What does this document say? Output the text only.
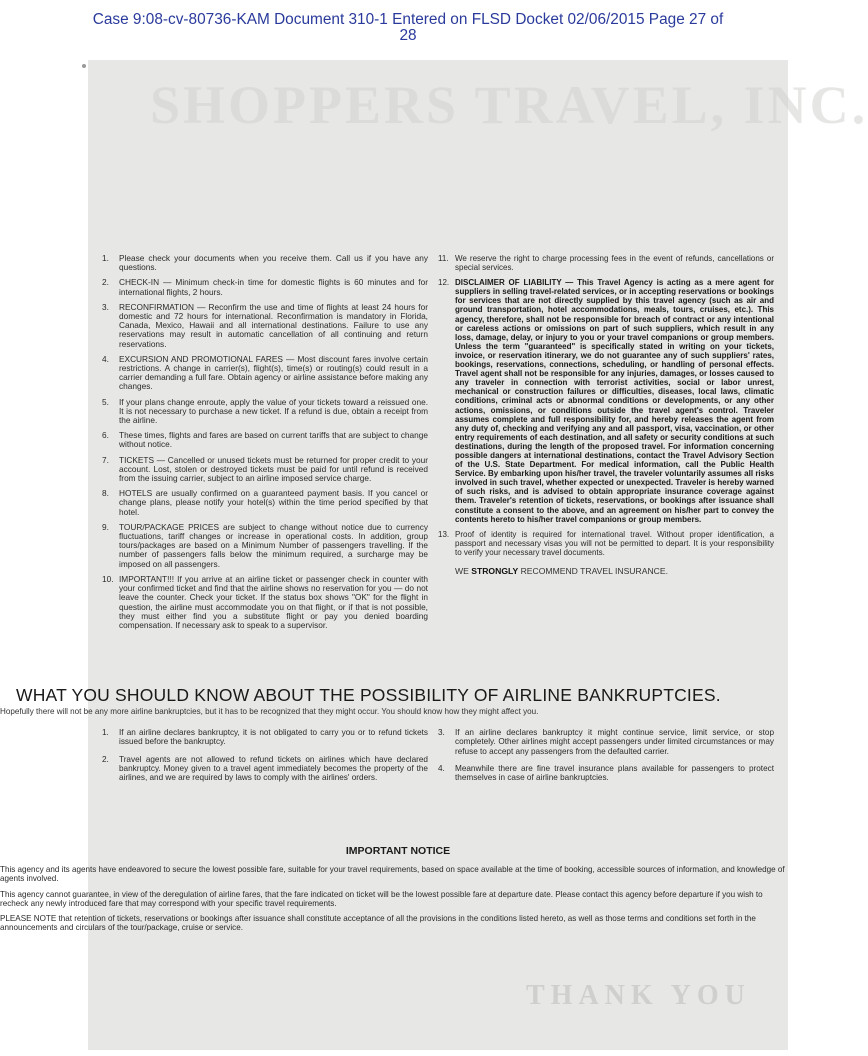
Case 9:08-cv-80736-KAM Document 310-1 Entered on FLSD Docket 02/06/2015 Page 27 of
28
SHOPPERS TRAVEL, INC.
1.	Please check your documents when you receive them. Call us if you have any questions.
2.	CHECK-IN — Minimum check-in time for domestic flights is 60 minutes and for international flights, 2 hours.
3.	RECONFIRMATION — Reconfirm the use and time of flights at least 24 hours for domestic and 72 hours for international. Reconfirmation is mandatory in Florida, Canada, Mexico, Hawaii and all international destinations. Failure to use any reservations may result in automatic cancellation of all continuing and return reservations.
4.	EXCURSION AND PROMOTIONAL FARES — Most discount fares involve certain restrictions. A change in carrier(s), flight(s), time(s) or routing(s) could result in a carrier demanding a full fare. Obtain agency or airline assistance before making any changes.
5.	If your plans change enroute, apply the value of your tickets toward a reissued one. It is not necessary to purchase a new ticket. If a refund is due, obtain a receipt from the airline.
6.	These times, flights and fares are based on current tariffs that are subject to change without notice.
7.	TICKETS — Cancelled or unused tickets must be returned for proper credit to your account. Lost, stolen or destroyed tickets must be paid for until refund is received from the issuing carrier, subject to an airline imposed service charge.
8.	HOTELS are usually confirmed on a guaranteed payment basis. If you cancel or change plans, please notify your hotel(s) within the time period specified by that hotel.
9.	TOUR/PACKAGE PRICES are subject to change without notice due to currency fluctuations, tariff changes or increase in operational costs. In addition, group tours/packages are based on a Minimum Number of passengers travelling. If the number of passengers falls below the minimum required, a surcharge may be imposed on all passengers.
10. IMPORTANT!!! If you arrive at an airline ticket or passenger check in counter with your confirmed ticket and find that the airline shows no reservation for you — do not leave the counter. Check your ticket. If the status box shows "OK" for the flight in question, the airline must accommodate you on that flight, or if that is not possible, they must either find you a substitute flight or pay you denied boarding compensation. If necessary ask to speak to a supervisor.
11. We reserve the right to charge processing fees in the event of refunds, cancellations or special services.
12. DISCLAIMER OF LIABILITY — This Travel Agency is acting as a mere agent for suppliers in selling travel-related services, or in accepting reservations or bookings for services that are not directly supplied by this travel agency (such as air and ground transportation, hotel accommodations, meals, tours, cruises, etc.). This agency, therefore, shall not be responsible for breach of contract or any intentional or careless actions or omissions on part of such suppliers, which result in any loss, damage, delay, or injury to you or your travel companions or group members. Unless the term "guaranteed" is specifically stated in writing on your tickets, invoice, or reservation itinerary, we do not guarantee any of such suppliers' rates, bookings, reservations, connections, scheduling, or handling of personal effects. Travel agent shall not be responsible for any injuries, damages, or losses caused to any traveler in connection with terrorist activities, social or labor unrest, mechanical or construction failures or difficulties, diseases, local laws, climatic conditions, criminal acts or abnormal conditions or developments, or any other actions, omissions, or conditions outside the travel agent's control. Traveler assumes complete and full responsibility for, and hereby releases the agent from any duty of, checking and verifying any and all passport, visa, vaccination, or other entry requirements of each destination, and all safety or security conditions at such destinations, during the length of the proposed travel. For information concerning possible dangers at international destinations, contact the Travel Advisory Section of the U.S. State Department. For medical information, call the Public Health Service. By embarking upon his/her travel, the traveler voluntarily assumes all risks involved in such travel, whether expected or unexpected. Traveler is hereby warned of such risks, and is advised to obtain appropriate insurance coverage against them. Traveler's retention of tickets, reservations, or bookings after issuance shall constitute a consent to the above, and an agreement on his/her part to convey the contents hereto to his/her travel companions or group members.
13. Proof of identity is required for international travel. Without proper identification, a passport and necessary visas you will not be permitted to depart. It is your responsibility to verify your necessary travel documents.
WE STRONGLY RECOMMEND TRAVEL INSURANCE.
WHAT YOU SHOULD KNOW ABOUT THE POSSIBILITY OF AIRLINE BANKRUPTCIES.
Hopefully there will not be any more airline bankruptcies, but it has to be recognized that they might occur. You should know how they might affect you.
1.	If an airline declares bankruptcy, it is not obligated to carry you or to refund tickets issued before the bankruptcy.
2.	Travel agents are not allowed to refund tickets on airlines which have declared bankruptcy. Money given to a travel agent immediately becomes the property of the airlines, and we are required by laws to comply with the airlines' orders.
3.	If an airline declares bankruptcy it might continue service, limit service, or stop completely. Other airlines might accept passengers under limited circumstances or may refuse to accept any passengers from the defaulted carrier.
4.	Meanwhile there are fine travel insurance plans available for passengers to protect themselves in case of airline bankruptcies.
IMPORTANT NOTICE

This agency and its agents have endeavored to secure the lowest possible fare, suitable for your travel requirements, based on space available at the time of booking, accessible sources of information, and knowledge of agents involved.

This agency cannot guarantee, in view of the deregulation of airline fares, that the fare indicated on ticket will be the lowest possible fare at departure date. Please contact this agency before departure if you wish to recheck any newly introduced fare that may correspond with your specific travel requirements.

PLEASE NOTE that retention of tickets, reservations or bookings after issuance shall constitute acceptance of all the provisions in the conditions listed hereto, as well as those terms and conditions set forth in the announcements and circulars of the tour/package, cruise or service.

THANK YOU
